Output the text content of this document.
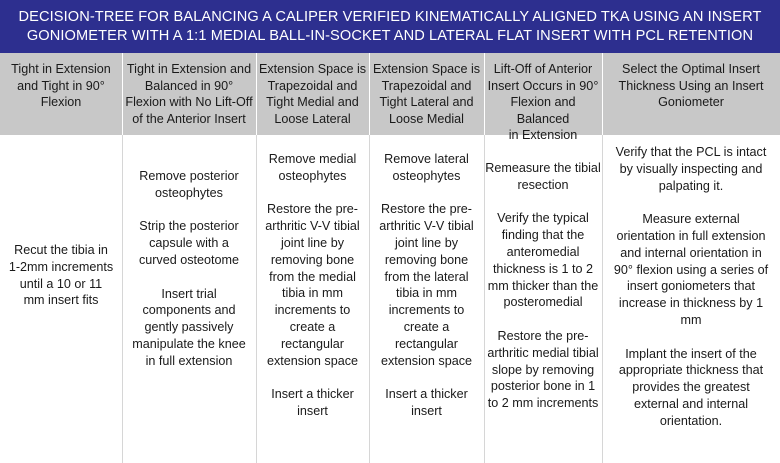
DECISION-TREE FOR BALANCING A CALIPER VERIFIED KINEMATICALLY ALIGNED TKA USING AN INSERT
GONIOMETER WITH A 1:1 MEDIAL BALL-IN-SOCKET AND LATERAL FLAT INSERT WITH PCL RETENTION
Tight in Extension
and Tight in 90°
Flexion
Tight in Extension and
Balanced in 90°
Flexion with No Lift-Off
of the Anterior Insert
Extension Space is
Trapezoidal and
Tight Medial and
Loose Lateral
Extension Space is
Trapezoidal and
Tight Lateral and
Loose Medial
Lift-Off of Anterior
Insert Occurs in 90°
Flexion and Balanced
in Extension
Select the Optimal Insert
Thickness Using an Insert
Goniometer

Recut the tibia in
1-2mm increments
until a 10 or 11
mm insert fits

Remove posterior
osteophytes

Strip the posterior
capsule with a
curved osteotome

Insert trial
components and
gently passively
manipulate the knee
in full extension

Remove medial
osteophytes

Restore the pre-
arthritic V-V tibial
joint line by
removing bone
from the medial
tibia in mm
increments to
create a
rectangular
extension space

Insert a thicker
insert

Remove lateral
osteophytes

Restore the pre-
arthritic V-V tibial
joint line by
removing bone
from the lateral
tibia in mm
increments to
create a
rectangular
extension space

Insert a thicker
insert

Remeasure the tibial
resection

Verify the typical
finding that the
anteromedial
thickness is 1 to 2
mm thicker than the
posteromedial

Restore the pre-
arthritic medial tibial
slope by removing
posterior bone in 1
to 2 mm increments

Verify that the PCL is intact
by visually inspecting and
palpating it.

Measure external
orientation in full extension
and internal orientation in
90° flexion using a series of
insert goniometers that
increase in thickness by 1
mm

Implant the insert of the
appropriate thickness that
provides the greatest
external and internal
orientation.
